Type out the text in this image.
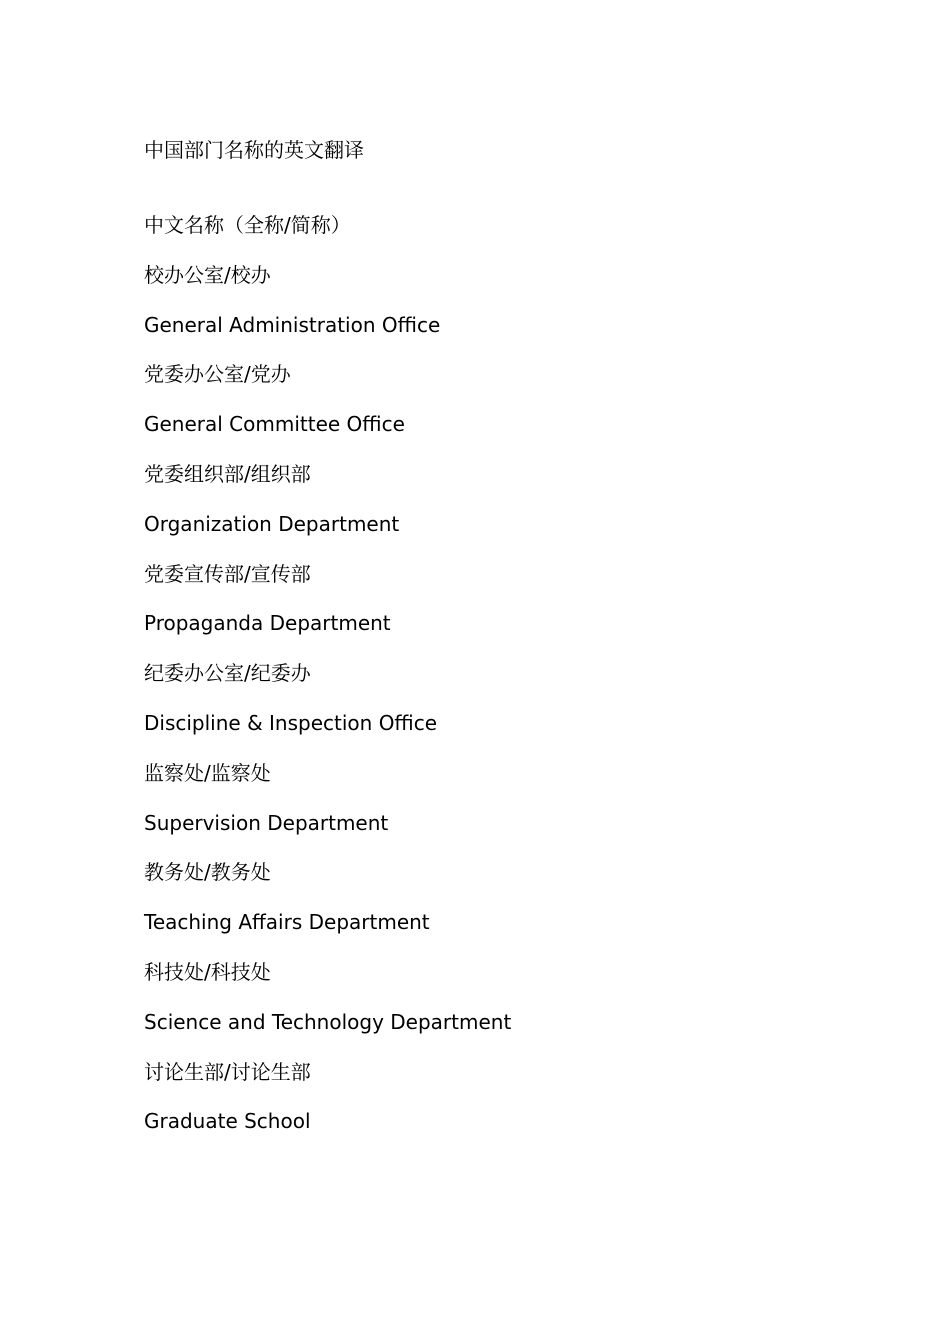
中国部门名称的英文翻译
中文名称（全称/简称）
校办公室/校办
General Administration Office
党委办公室/党办
General Committee Office
党委组织部/组织部
Organization Department
党委宣传部/宣传部
Propaganda Department
纪委办公室/纪委办
Discipline & Inspection Office
监察处/监察处
Supervision Department
教务处/教务处
Teaching Affairs Department
科技处/科技处
Science and Technology Department
讨论生部/讨论生部
Graduate School
